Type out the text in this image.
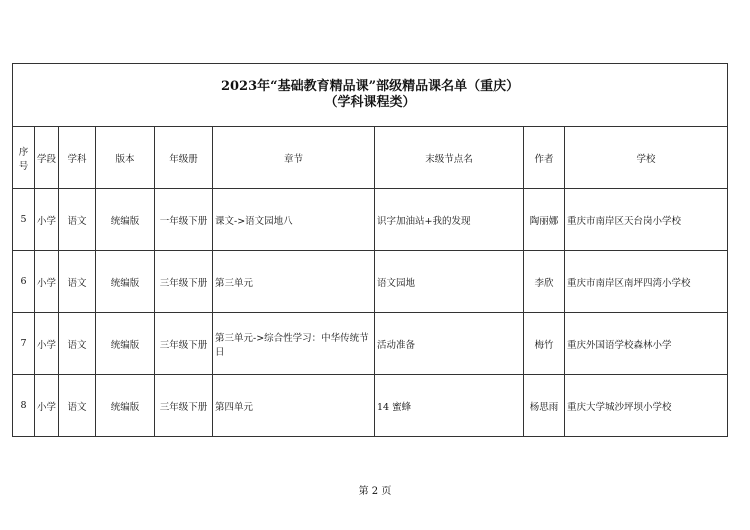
2023年“基础教育精品课”部级精品课名单（重庆）
（学科课程类）								

序号	学段	学科	版本	年级册	章节	末级节点名	作者	学校
5	小学	语文	统编版	一年级下册	课文->语文园地八	识字加油站+我的发现	陶丽娜	重庆市南岸区天台岗小学校
6	小学	语文	统编版	三年级下册	第三单元	语文园地	李欣	重庆市南岸区南坪四湾小学校
7	小学	语文	统编版	三年级下册	第三单元->综合性学习：中华传统节日	活动准备	梅竹	重庆外国语学校森林小学
8	小学	语文	统编版	三年级下册	第四单元	14 蜜蜂	杨思雨	重庆大学城沙坪坝小学校
第 2 页
